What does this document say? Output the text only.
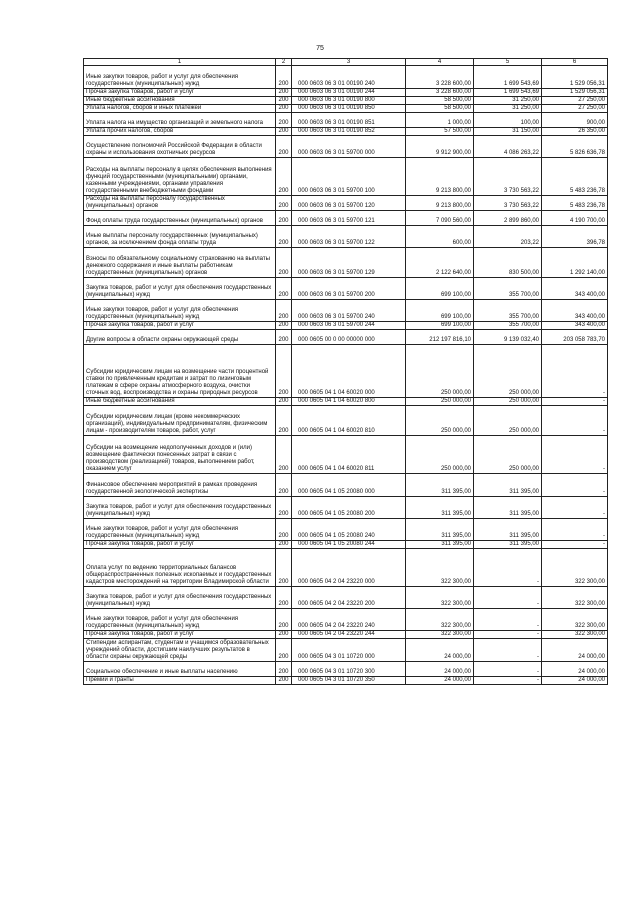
75
1	2	3	4	5	6
Иные закупки товаров, работ и услуг для обеспечения государственных (муниципальных) нужд	200	000 0603 06 3 01 00190 240	3 228 600,00	1 699 543,69	1 529 056,31
Прочая закупка товаров, работ и услуг	200	000 0603 06 3 01 00190 244	3 228 600,00	1 699 543,69	1 529 056,31
Иные бюджетные ассигнования	200	000 0603 06 3 01 00190 800	58 500,00	31 250,00	27 250,00
Уплата налогов, сборов и иных платежей	200	000 0603 06 3 01 00190 850	58 500,00	31 250,00	27 250,00
Уплата налога на имущество организаций и земельного налога	200	000 0603 06 3 01 00190 851	1 000,00	100,00	900,00
Уплата прочих налогов, сборов	200	000 0603 06 3 01 00190 852	57 500,00	31 150,00	26 350,00
Осуществление полномочий Российской Федерации в области охраны и использования охотничьих ресурсов	200	000 0603 06 3 01 59700 000	9 912 900,00	4 086 263,22	5 826 636,78
Расходы на выплаты персоналу в целях обеспечения выполнения функций государственными (муниципальными) органами, казенными учреждениями, органами управления государственными внебюджетными фондами	200	000 0603 06 3 01 59700 100	9 213 800,00	3 730 563,22	5 483 236,78
Расходы на выплаты персоналу государственных (муниципальных) органов	200	000 0603 06 3 01 59700 120	9 213 800,00	3 730 563,22	5 483 236,78
Фонд оплаты труда государственных (муниципальных) органов	200	000 0603 06 3 01 59700 121	7 090 560,00	2 899 860,00	4 190 700,00
Иные выплаты персоналу государственных (муниципальных) органов, за исключением фонда оплаты труда	200	000 0603 06 3 01 59700 122	600,00	203,22	396,78
Взносы по обязательному социальному страхованию на выплаты денежного содержания и иные выплаты работникам государственных (муниципальных) органов	200	000 0603 06 3 01 59700 129	2 122 640,00	830 500,00	1 292 140,00
Закупка товаров, работ и услуг для обеспечения государственных (муниципальных) нужд	200	000 0603 06 3 01 59700 200	699 100,00	355 700,00	343 400,00
Иные закупки товаров, работ и услуг для обеспечения государственных (муниципальных) нужд	200	000 0603 06 3 01 59700 240	699 100,00	355 700,00	343 400,00
Прочая закупка товаров, работ и услуг	200	000 0603 06 3 01 59700 244	699 100,00	355 700,00	343 400,00
Другие вопросы в области охраны окружающей среды	200	000 0605 00 0 00 00000 000	212 197 816,10	9 139 032,40	203 058 783,70
Субсидии юридическим лицам на возмещение части процентной ставки по привлеченным кредитам и затрат по лизинговым платежам в сфере охраны атмосферного воздуха, очистки сточных вод, воспроизводства и охраны природных ресурсов	200	000 0605 04 1 04 60020 000	250 000,00	250 000,00	-
Иные бюджетные ассигнования	200	000 0605 04 1 04 60020 800	250 000,00	250 000,00	-
Субсидии юридическим лицам (кроме некоммерческих организаций), индивидуальным предпринимателям, физическим лицам - производителям товаров, работ, услуг	200	000 0605 04 1 04 60020 810	250 000,00	250 000,00	-
Субсидии на возмещение недополученных доходов и (или) возмещение фактически понесенных затрат в связи с производством (реализацией) товаров, выполнением работ, оказанием услуг	200	000 0605 04 1 04 60020 811	250 000,00	250 000,00	-
Финансовое обеспечение мероприятий в рамках проведения государственной экологической экспертизы	200	000 0605 04 1 05 20080 000	311 395,00	311 395,00	-
Закупка товаров, работ и услуг для обеспечения государственных (муниципальных) нужд	200	000 0605 04 1 05 20080 200	311 395,00	311 395,00	-
Иные закупки товаров, работ и услуг для обеспечения государственных (муниципальных) нужд	200	000 0605 04 1 05 20080 240	311 395,00	311 395,00	-
Прочая закупка товаров, работ и услуг	200	000 0605 04 1 05 20080 244	311 395,00	311 395,00	-
Оплата услуг по ведению территориальных балансов общераспространенных полезных ископаемых и государственных кадастров месторождений на территории Владимирской области	200	000 0605 04 2 04 23220 000	322 300,00	-	322 300,00
Закупка товаров, работ и услуг для обеспечения государственных (муниципальных) нужд	200	000 0605 04 2 04 23220 200	322 300,00	-	322 300,00
Иные закупки товаров, работ и услуг для обеспечения государственных (муниципальных) нужд	200	000 0605 04 2 04 23220 240	322 300,00	-	322 300,00
Прочая закупка товаров, работ и услуг	200	000 0605 04 2 04 23220 244	322 300,00	-	322 300,00
Стипендии аспирантам, студентам и учащимся образовательных учреждений области, достигшим наилучших результатов в области охраны окружающей среды	200	000 0605 04 3 01 10720 000	24 000,00	-	24 000,00
Социальное обеспечение и иные выплаты населению	200	000 0605 04 3 01 10720 300	24 000,00	-	24 000,00
Премии и гранты	200	000 0605 04 3 01 10720 350	24 000,00	-	24 000,00
